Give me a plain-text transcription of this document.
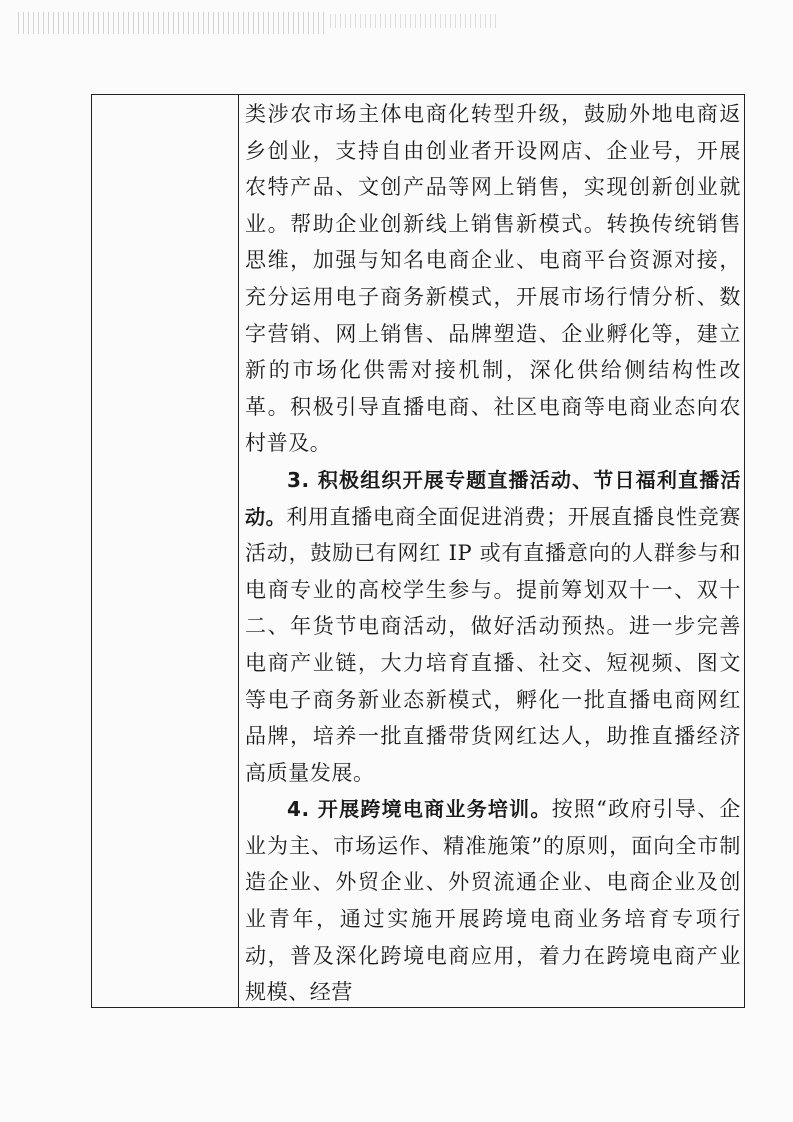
类涉农市场主体电商化转型升级，鼓励外地电商返乡创业，支持自由创业者开设网店、企业号，开展农特产品、文创产品等网上销售，实现创新创业就业。帮助企业创新线上销售新模式。转换传统销售思维，加强与知名电商企业、电商平台资源对接，充分运用电子商务新模式，开展市场行情分析、数字营销、网上销售、品牌塑造、企业孵化等，建立新的市场化供需对接机制，深化供给侧结构性改革。积极引导直播电商、社区电商等电商业态向农村普及。

3. 积极组织开展专题直播活动、节日福利直播活动。利用直播电商全面促进消费；开展直播良性竞赛活动，鼓励已有网红 IP 或有直播意向的人群参与和电商专业的高校学生参与。提前筹划双十一、双十二、年货节电商活动，做好活动预热。进一步完善电商产业链，大力培育直播、社交、短视频、图文等电子商务新业态新模式，孵化一批直播电商网红品牌，培养一批直播带货网红达人，助推直播经济高质量发展。

4. 开展跨境电商业务培训。按照“政府引导、企业为主、市场运作、精准施策”的原则，面向全市制造企业、外贸企业、外贸流通企业、电商企业及创业青年，通过实施开展跨境电商业务培育专项行动，普及深化跨境电商应用，着力在跨境电商产业规模、经营
